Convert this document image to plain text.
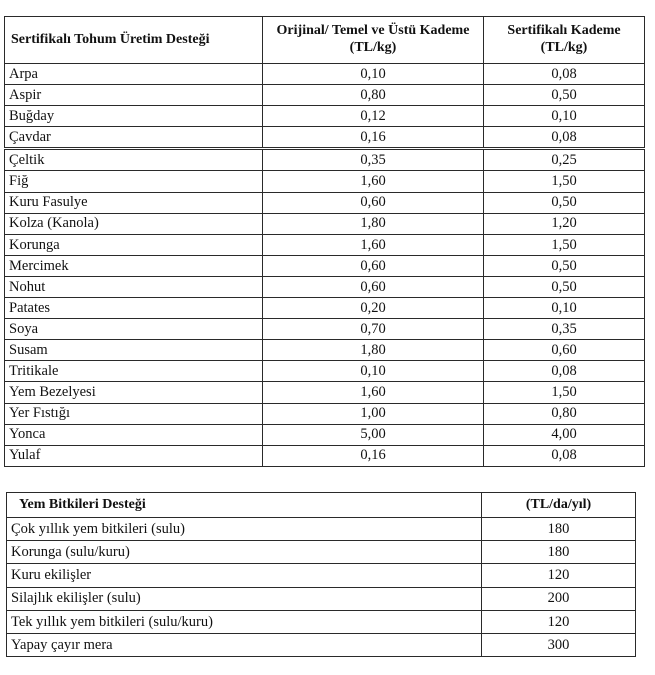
Sertifikalı Tohum Üretim Desteği	Orijinal/ Temel ve Üstü Kademe (TL/kg)	Sertifikalı Kademe (TL/kg)
Arpa	0,10	0,08
Aspir	0,80	0,50
Buğday	0,12	0,10
Çavdar	0,16	0,08
Çeltik	0,35	0,25
Fiğ	1,60	1,50
Kuru Fasulye	0,60	0,50
Kolza (Kanola)	1,80	1,20
Korunga	1,60	1,50
Mercimek	0,60	0,50
Nohut	0,60	0,50
Patates	0,20	0,10
Soya	0,70	0,35
Susam	1,80	0,60
Tritikale	0,10	0,08
Yem Bezelyesi	1,60	1,50
Yer Fıstığı	1,00	0,80
Yonca	5,00	4,00
Yulaf	0,16	0,08
Yem Bitkileri Desteği	(TL/da/yıl)
Çok yıllık yem bitkileri (sulu)	180
Korunga (sulu/kuru)	180
Kuru ekilişler	120
Silajlık ekilişler (sulu)	200
Tek yıllık yem bitkileri (sulu/kuru)	120
Yapay çayır mera	300
